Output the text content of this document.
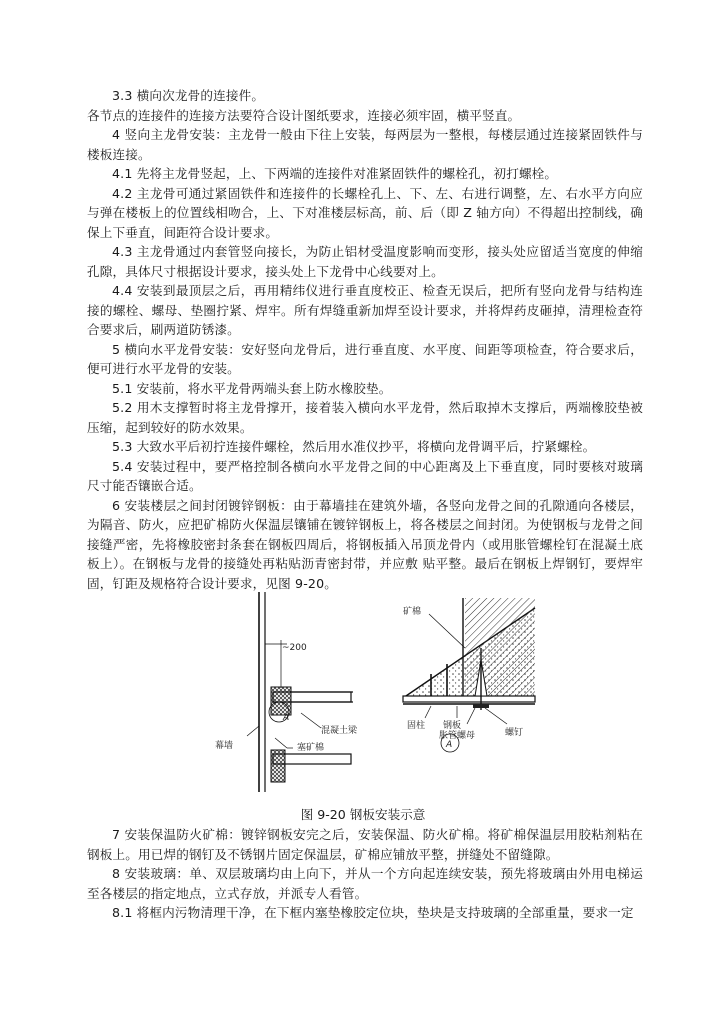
3.3 横向次龙骨的连接件。

各节点的连接件的连接方法要符合设计图纸要求，连接必须牢固，横平竖直。

4 竖向主龙骨安装：主龙骨一般由下往上安装，每两层为一整根，每楼层通过连接紧固铁件与楼板连接。

4.1 先将主龙骨竖起，上、下两端的连接件对准紧固铁件的螺栓孔，初打螺栓。

4.2 主龙骨可通过紧固铁件和连接件的长螺栓孔上、下、左、右进行调整，左、右水平方向应与弹在楼板上的位置线相吻合，上、下对准楼层标高，前、后（即 Z 轴方向）不得超出控制线，确保上下垂直，间距符合设计要求。

4.3 主龙骨通过内套管竖向接长，为防止铝材受温度影响而变形，接头处应留适当宽度的伸缩孔隙，具体尺寸根据设计要求，接头处上下龙骨中心线要对上。

4.4 安装到最顶层之后，再用精纬仪进行垂直度校正、检查无误后，把所有竖向龙骨与结构连接的螺栓、螺母、垫圈拧紧、焊牢。所有焊缝重新加焊至设计要求，并将焊药皮砸掉，清理检查符合要求后，刷两道防锈漆。

5 横向水平龙骨安装：安好竖向龙骨后，进行垂直度、水平度、间距等项检查，符合要求后，便可进行水平龙骨的安装。

5.1 安装前，将水平龙骨两端头套上防水橡胶垫。

5.2 用木支撑暂时将主龙骨撑开，接着装入横向水平龙骨，然后取掉木支撑后，两端橡胶垫被压缩，起到较好的防水效果。

5.3 大致水平后初拧连接件螺栓，然后用水准仪抄平，将横向龙骨调平后，拧紧螺栓。

5.4 安装过程中，要严格控制各横向水平龙骨之间的中心距离及上下垂直度，同时要核对玻璃尺寸能否镶嵌合适。

6 安装楼层之间封闭镀锌钢板：由于幕墙挂在建筑外墙，各竖向龙骨之间的孔隙通向各楼层，为隔音、防火，应把矿棉防火保温层镶铺在镀锌钢板上，将各楼层之间封闭。为使钢板与龙骨之间接缝严密，先将橡胶密封条套在钢板四周后，将钢板插入吊顶龙骨内（或用胀管螺栓钉在混凝土底板上）。在钢板与龙骨的接缝处再粘贴沥青密封带，并应敷 贴平整。最后在钢板上焊钢钉，要焊牢固，钉距及规格符合设计要求，见图 9-20。

~200
幕墙
混凝土梁
塞矿棉
A
矿棉
固柱 钢板
胀管螺母	螺钉
A
图 9-20 钢板安装示意

7 安装保温防火矿棉：镀锌钢板安完之后，安装保温、防火矿棉。将矿棉保温层用胶粘剂粘在钢板上。用已焊的钢钉及不锈钢片固定保温层，矿棉应铺放平整，拼缝处不留缝隙。

8 安装玻璃：单、双层玻璃均由上向下，并从一个方向起连续安装，预先将玻璃由外用电梯运至各楼层的指定地点，立式存放，并派专人看管。

8.1 将框内污物清理干净，在下框内塞垫橡胶定位块，垫块是支持玻璃的全部重量，要求一定
